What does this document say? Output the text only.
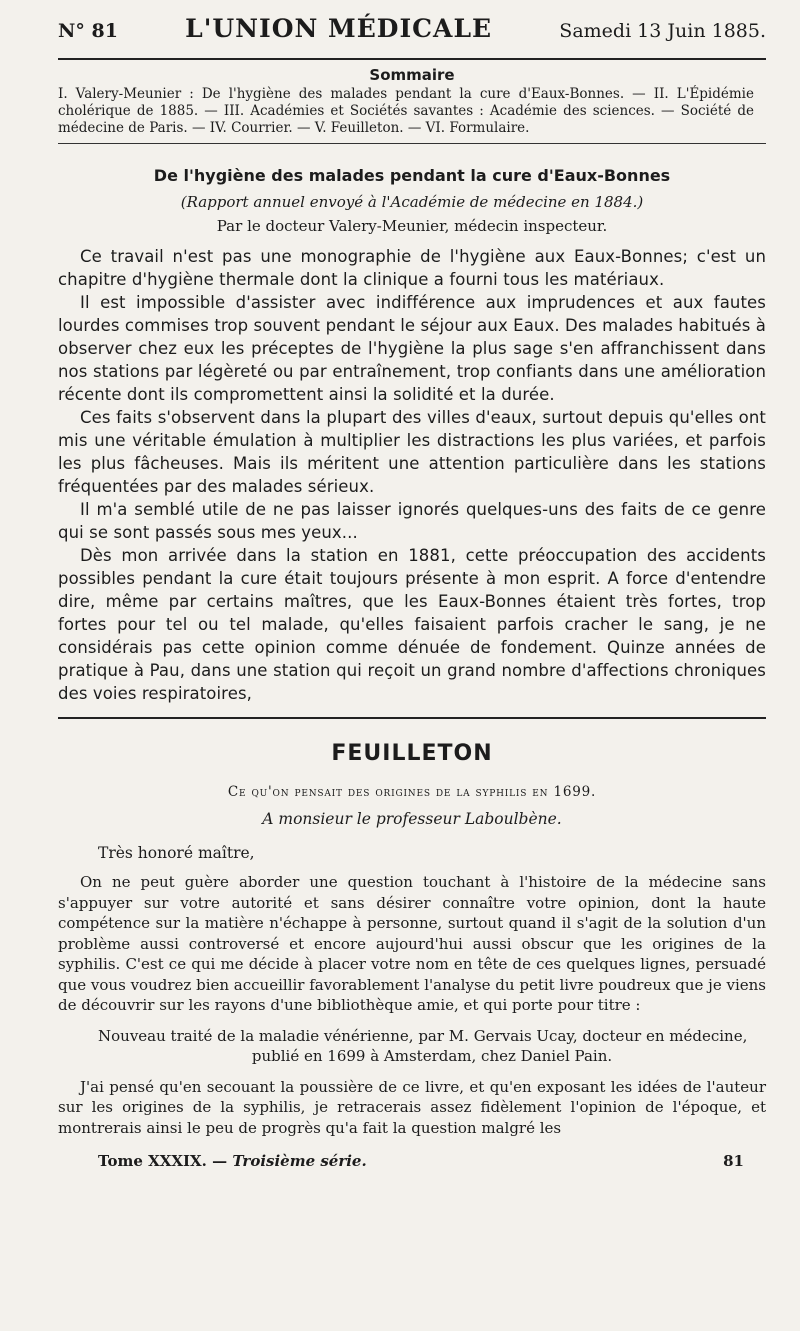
N° 81	L'UNION MÉDICALE	Samedi 13 Juin 1885.
Sommaire
I. Valery-Meunier : De l'hygiène des malades pendant la cure d'Eaux-Bonnes. — II. L'Épidémie cholérique de 1885. — III. Académies et Sociétés savantes : Académie des sciences. — Société de médecine de Paris. — IV. Courrier. — V. Feuilleton. — VI. Formulaire.
De l'hygiène des malades pendant la cure d'Eaux-Bonnes
(Rapport annuel envoyé à l'Académie de médecine en 1884.)
Par le docteur Valery-Meunier, médecin inspecteur.

Ce travail n'est pas une monographie de l'hygiène aux Eaux-Bonnes; c'est un chapitre d'hygiène thermale dont la clinique a fourni tous les matériaux.

Il est impossible d'assister avec indifférence aux imprudences et aux fautes lourdes commises trop souvent pendant le séjour aux Eaux. Des malades habitués à observer chez eux les préceptes de l'hygiène la plus sage s'en affranchissent dans nos stations par légèreté ou par entraînement, trop confiants dans une amélioration récente dont ils compromettent ainsi la solidité et la durée.

Ces faits s'observent dans la plupart des villes d'eaux, surtout depuis qu'elles ont mis une véritable émulation à multiplier les distractions les plus variées, et parfois les plus fâcheuses. Mais ils méritent une attention particulière dans les stations fréquentées par des malades sérieux.

Il m'a semblé utile de ne pas laisser ignorés quelques-uns des faits de ce genre qui se sont passés sous mes yeux...

Dès mon arrivée dans la station en 1881, cette préoccupation des accidents possibles pendant la cure était toujours présente à mon esprit. A force d'entendre dire, même par certains maîtres, que les Eaux-Bonnes étaient très fortes, trop fortes pour tel ou tel malade, qu'elles faisaient parfois cracher le sang, je ne considérais pas cette opinion comme dénuée de fondement. Quinze années de pratique à Pau, dans une station qui reçoit un grand nombre d'affections chroniques des voies respiratoires,

FEUILLETON
Ce qu'on pensait des origines de la syphilis en 1699.
A monsieur le professeur Laboulbène.
Très honoré maître,

On ne peut guère aborder une question touchant à l'histoire de la médecine sans s'appuyer sur votre autorité et sans désirer connaître votre opinion, dont la haute compétence sur la matière n'échappe à personne, surtout quand il s'agit de la solution d'un problème aussi controversé et encore aujourd'hui aussi obscur que les origines de la syphilis. C'est ce qui me décide à placer votre nom en tête de ces quelques lignes, persuadé que vous voudrez bien accueillir favorablement l'analyse du petit livre poudreux que je viens de découvrir sur les rayons d'une bibliothèque amie, et qui porte pour titre :

Nouveau traité de la maladie vénérienne, par M. Gervais Ucay, docteur en médecine,
publié en 1699 à Amsterdam, chez Daniel Pain.

J'ai pensé qu'en secouant la poussière de ce livre, et qu'en exposant les idées de l'auteur sur les origines de la syphilis, je retracerais assez fidèlement l'opinion de l'époque, et montrerais ainsi le peu de progrès qu'a fait la question malgré les

Tome XXXIX. — Troisième série.	81
